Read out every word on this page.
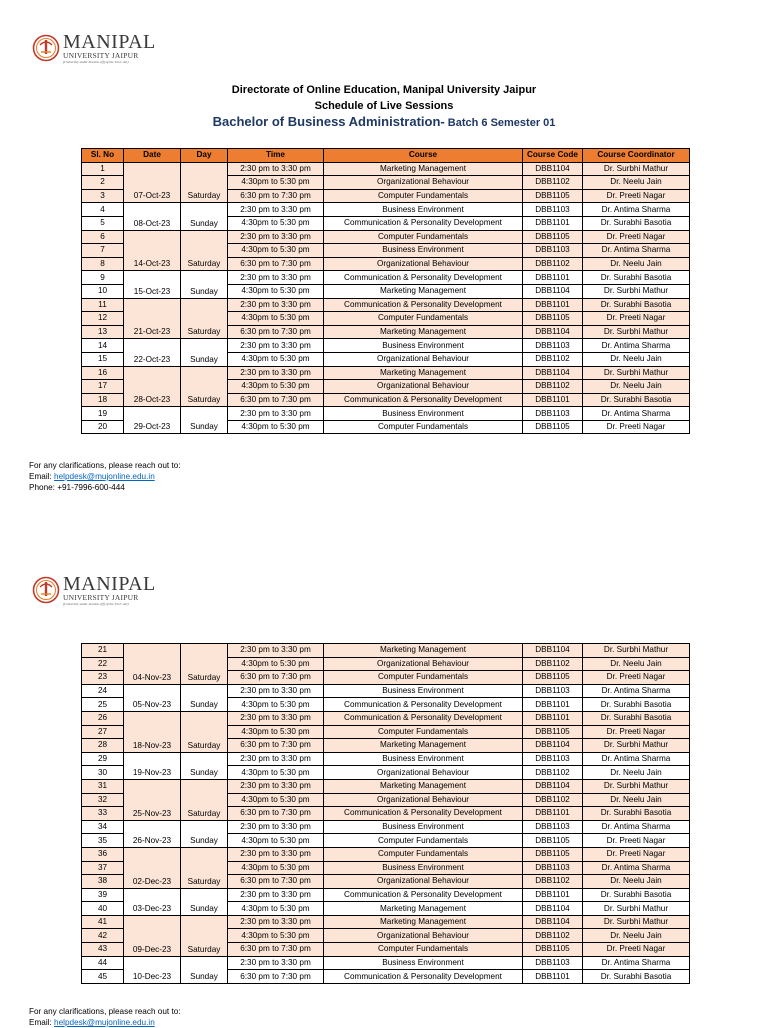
MANIPAL
UNIVERSITY JAIPUR
(University under Section 2(f) of the UGC Act)
Directorate of Online Education, Manipal University Jaipur
Schedule of Live Sessions
Bachelor of Business Administration- Batch 6 Semester 01
Sl. No	Date	Day	Time	Course	Course Code	Course Coordinator
1	07-Oct-23	Saturday	2:30 pm to 3:30 pm	Marketing Management	DBB1104	Dr. Surbhi Mathur
2			4:30pm to 5:30 pm	Organizational Behaviour	DBB1102	Dr. Neelu Jain
3			6:30 pm to 7:30 pm	Computer Fundamentals	DBB1105	Dr. Preeti Nagar
4	08-Oct-23	Sunday	2:30 pm to 3:30 pm	Business Environment	DBB1103	Dr. Antima Sharma
5			4:30pm to 5:30 pm	Communication & Personality Development	DBB1101	Dr. Surabhi Basotia
6	14-Oct-23	Saturday	2:30 pm to 3:30 pm	Computer Fundamentals	DBB1105	Dr. Preeti Nagar
7			4:30pm to 5:30 pm	Business Environment	DBB1103	Dr. Antima Sharma
8			6:30 pm to 7:30 pm	Organizational Behaviour	DBB1102	Dr. Neelu Jain
9	15-Oct-23	Sunday	2:30 pm to 3:30 pm	Communication & Personality Development	DBB1101	Dr. Surabhi Basotia
10			4:30pm to 5:30 pm	Marketing Management	DBB1104	Dr. Surbhi Mathur
11	21-Oct-23	Saturday	2:30 pm to 3:30 pm	Communication & Personality Development	DBB1101	Dr. Surabhi Basotia
12			4:30pm to 5:30 pm	Computer Fundamentals	DBB1105	Dr. Preeti Nagar
13			6:30 pm to 7:30 pm	Marketing Management	DBB1104	Dr. Surbhi Mathur
14	22-Oct-23	Sunday	2:30 pm to 3:30 pm	Business Environment	DBB1103	Dr. Antima Sharma
15			4:30pm to 5:30 pm	Organizational Behaviour	DBB1102	Dr. Neelu Jain
16	28-Oct-23	Saturday	2:30 pm to 3:30 pm	Marketing Management	DBB1104	Dr. Surbhi Mathur
17			4:30pm to 5:30 pm	Organizational Behaviour	DBB1102	Dr. Neelu Jain
18			6:30 pm to 7:30 pm	Communication & Personality Development	DBB1101	Dr. Surabhi Basotia
19	29-Oct-23	Sunday	2:30 pm to 3:30 pm	Business Environment	DBB1103	Dr. Antima Sharma
20			4:30pm to 5:30 pm	Computer Fundamentals	DBB1105	Dr. Preeti Nagar
For any clarifications, please reach out to:
Email: helpdesk@mujonline.edu.in
Phone: +91-7996-600-444
MANIPAL
UNIVERSITY JAIPUR
(University under Section 2(f) of the UGC Act)
21	04-Nov-23	Saturday	2:30 pm to 3:30 pm	Marketing Management	DBB1104	Dr. Surbhi Mathur
22			4:30pm to 5:30 pm	Organizational Behaviour	DBB1102	Dr. Neelu Jain
23			6:30 pm to 7:30 pm	Computer Fundamentals	DBB1105	Dr. Preeti Nagar
24	05-Nov-23	Sunday	2:30 pm to 3:30 pm	Business Environment	DBB1103	Dr. Antima Sharma
25			4:30pm to 5:30 pm	Communication & Personality Development	DBB1101	Dr. Surabhi Basotia
26	18-Nov-23	Saturday	2:30 pm to 3:30 pm	Communication & Personality Development	DBB1101	Dr. Surabhi Basotia
27			4:30pm to 5:30 pm	Computer Fundamentals	DBB1105	Dr. Preeti Nagar
28			6:30 pm to 7:30 pm	Marketing Management	DBB1104	Dr. Surbhi Mathur
29	19-Nov-23	Sunday	2:30 pm to 3:30 pm	Business Environment	DBB1103	Dr. Antima Sharma
30			4:30pm to 5:30 pm	Organizational Behaviour	DBB1102	Dr. Neelu Jain
31	25-Nov-23	Saturday	2:30 pm to 3:30 pm	Marketing Management	DBB1104	Dr. Surbhi Mathur
32			4:30pm to 5:30 pm	Organizational Behaviour	DBB1102	Dr. Neelu Jain
33			6:30 pm to 7:30 pm	Communication & Personality Development	DBB1101	Dr. Surabhi Basotia
34	26-Nov-23	Sunday	2:30 pm to 3:30 pm	Business Environment	DBB1103	Dr. Antima Sharma
35			4:30pm to 5:30 pm	Computer Fundamentals	DBB1105	Dr. Preeti Nagar
36	02-Dec-23	Saturday	2:30 pm to 3:30 pm	Computer Fundamentals	DBB1105	Dr. Preeti Nagar
37			4:30pm to 5:30 pm	Business Environment	DBB1103	Dr. Antima Sharma
38			6:30 pm to 7:30 pm	Organizational Behaviour	DBB1102	Dr. Neelu Jain
39	03-Dec-23	Sunday	2:30 pm to 3:30 pm	Communication & Personality Development	DBB1101	Dr. Surabhi Basotia
40			4:30pm to 5:30 pm	Marketing Management	DBB1104	Dr. Surbhi Mathur
41	09-Dec-23	Saturday	2:30 pm to 3:30 pm	Marketing Management	DBB1104	Dr. Surbhi Mathur
42			4:30pm to 5:30 pm	Organizational Behaviour	DBB1102	Dr. Neelu Jain
43			6:30 pm to 7:30 pm	Computer Fundamentals	DBB1105	Dr. Preeti Nagar
44	10-Dec-23	Sunday	2:30 pm to 3:30 pm	Business Environment	DBB1103	Dr. Antima Sharma
45			6:30 pm to 7:30 pm	Communication & Personality Development	DBB1101	Dr. Surabhi Basotia
For any clarifications, please reach out to:
Email: helpdesk@mujonline.edu.in
